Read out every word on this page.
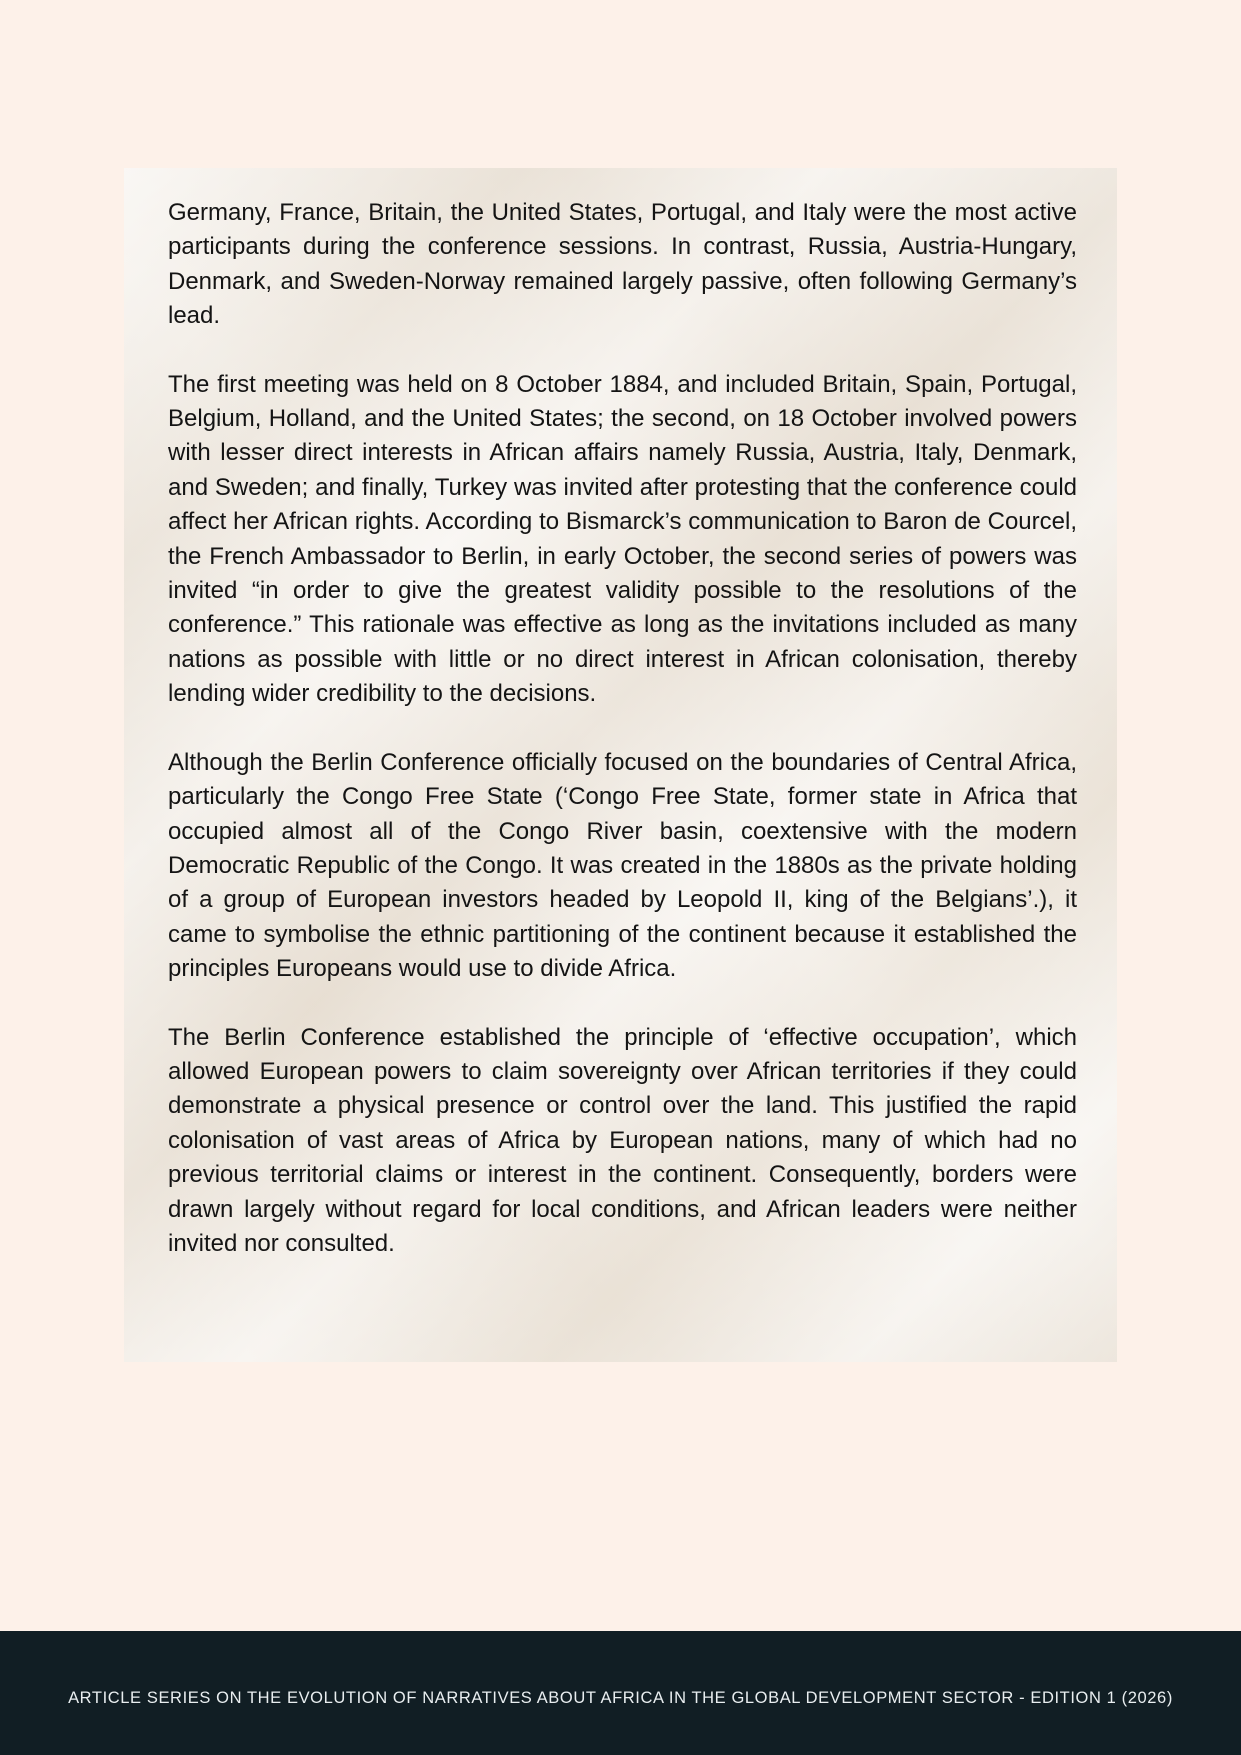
Germany, France, Britain, the United States, Portugal, and Italy were the most active participants during the conference sessions. In contrast, Russia, Austria-Hungary, Denmark, and Sweden-Norway remained largely passive, often following Germany’s lead.

The first meeting was held on 8 October 1884, and included Britain, Spain, Portugal, Belgium, Holland, and the United States; the second, on 18 October involved powers with lesser direct interests in African affairs namely Russia, Austria, Italy, Denmark, and Sweden; and finally, Turkey was invited after protesting that the conference could affect her African rights. According to Bismarck’s communication to Baron de Courcel, the French Ambassador to Berlin, in early October, the second series of powers was invited “in order to give the greatest validity possible to the resolutions of the conference.” This rationale was effective as long as the invitations included as many nations as possible with little or no direct interest in African colonisation, thereby lending wider credibility to the decisions.

Although the Berlin Conference officially focused on the boundaries of Central Africa, particularly the Congo Free State (‘Congo Free State, former state in Africa that occupied almost all of the Congo River basin, coextensive with the modern Democratic Republic of the Congo. It was created in the 1880s as the private holding of a group of European investors headed by Leopold II, king of the Belgians’.), it came to symbolise the ethnic partitioning of the continent because it established the principles Europeans would use to divide Africa.

The Berlin Conference established the principle of ‘effective occupation’, which allowed European powers to claim sovereignty over African territories if they could demonstrate a physical presence or control over the land. This justified the rapid colonisation of vast areas of Africa by European nations, many of which had no previous territorial claims or interest in the continent. Consequently, borders were drawn largely without regard for local conditions, and African leaders were neither invited nor consulted.

ARTICLE SERIES ON THE EVOLUTION OF NARRATIVES ABOUT AFRICA IN THE GLOBAL DEVELOPMENT SECTOR - EDITION 1 (2026)
